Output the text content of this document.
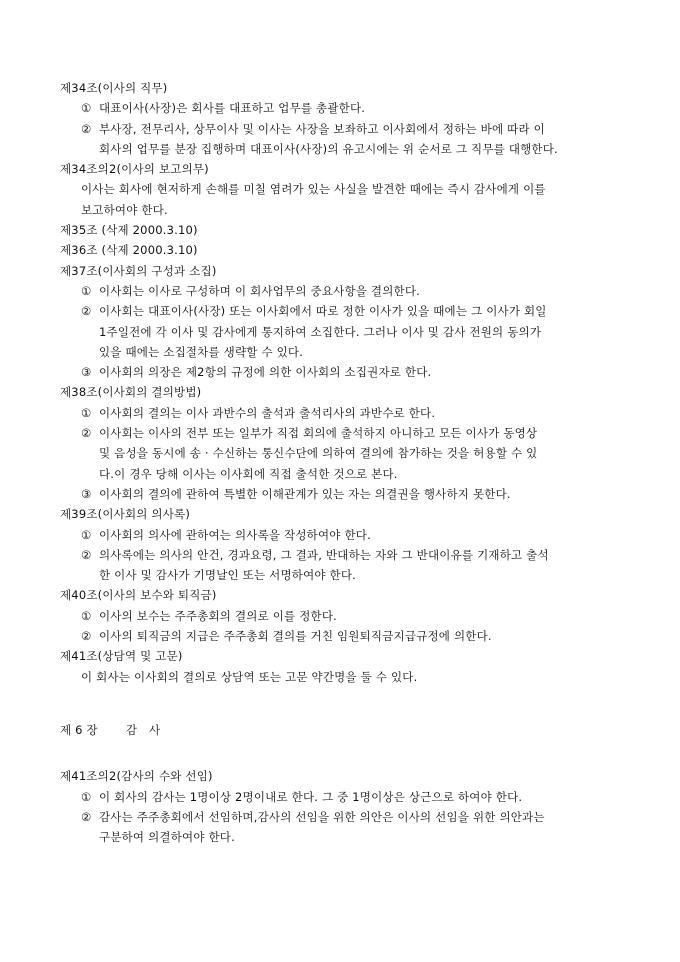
제34조(이사의 직무)
① 대표이사(사장)은 회사를 대표하고 업무를 총괄한다.
② 부사장, 전무리사, 상무이사 및 이사는 사장을 보좌하고 이사회에서 정하는 바에 따라 이
회사의 업무를 분장 집행하며 대표이사(사장)의 유고시에는 위 순서로 그 직무를 대행한다.
제34조의2(이사의 보고의무)
이사는 회사에 현저하게 손해를 미칠 염려가 있는 사실을 발견한 때에는 즉시 감사에게 이를
보고하여야 한다.
제35조 (삭제 2000.3.10)
제36조 (삭제 2000.3.10)
제37조(이사회의 구성과 소집)
① 이사회는 이사로 구성하며 이 회사업무의 중요사항을 결의한다.
② 이사회는 대표이사(사장) 또는 이사회에서 따로 정한 이사가 있을 때에는 그 이사가 회일
1주일전에 각 이사 및 감사에게 통지하여 소집한다. 그러나 이사 및 감사 전원의 동의가
있을 때에는 소집절차를 생략할 수 있다.
③ 이사회의 의장은 제2항의 규정에 의한 이사회의 소집권자로 한다.
제38조(이사회의 결의방법)
① 이사회의 결의는 이사 과반수의 출석과 출석리사의 과반수로 한다.
② 이사회는 이사의 전부 또는 일부가 직접 회의에 출석하지 아니하고 모든 이사가 동영상
및 음성을 동시에 송 · 수신하는 통신수단에 의하여 결의에 참가하는 것을 허용할 수 있
다.이 경우 당해 이사는 이사회에 직접 출석한 것으로 본다.
③ 이사회의 결의에 관하여 특별한 이해관계가 있는 자는 의결권을 행사하지 못한다.
제39조(이사회의 의사록)
① 이사회의 의사에 관하여는 의사록을 작성하여야 한다.
② 의사록에는 의사의 안건, 경과요령, 그 결과, 반대하는 자와 그 반대이유를 기재하고 출석
한 이사 및 감사가 기명날인 또는 서명하여야 한다.
제40조(이사의 보수와 퇴직금)
① 이사의 보수는 주주총회의 결의로 이를 정한다.
② 이사의 퇴직금의 지급은 주주총회 결의를 거친 임원퇴직금지급규정에 의한다.
제41조(상담역 및 고문)
이 회사는 이사회의 결의로 상담역 또는 고문 약간명을 둘 수 있다.
제 6 장 감 사
제41조의2(감사의 수와 선임)
① 이 회사의 감사는 1명이상 2명이내로 한다. 그 중 1명이상은 상근으로 하여야 한다.
② 감사는 주주총회에서 선임하며,감사의 선임을 위한 의안은 이사의 선임을 위한 의안과는
구분하여 의결하여야 한다.
